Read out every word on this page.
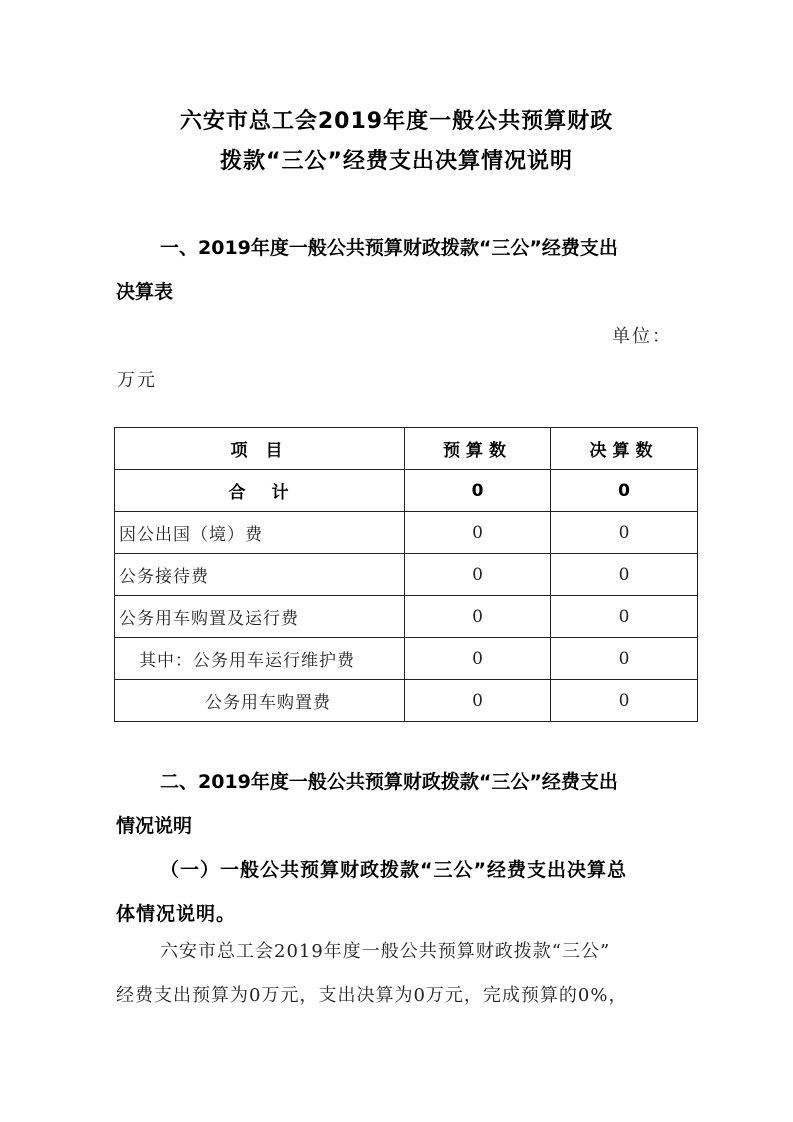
六安市总工会2019年度一般公共预算财政
拨款“三公”经费支出决算情况说明
一、2019年度一般公共预算财政拨款“三公”经费支出
决算表
单位：
万元
项 目	预算数	决算数
合计	0	0
因公出国（境）费	0	0
公务接待费	0	0
公务用车购置及运行费	0	0
其中：公务用车运行维护费	0	0
公务用车购置费	0	0
二、2019年度一般公共预算财政拨款“三公”经费支出
情况说明
（一）一般公共预算财政拨款“三公”经费支出决算总
体情况说明。
六安市总工会2019年度一般公共预算财政拨款“三公”
经费支出预算为0万元，支出决算为0万元，完成预算的0%，
